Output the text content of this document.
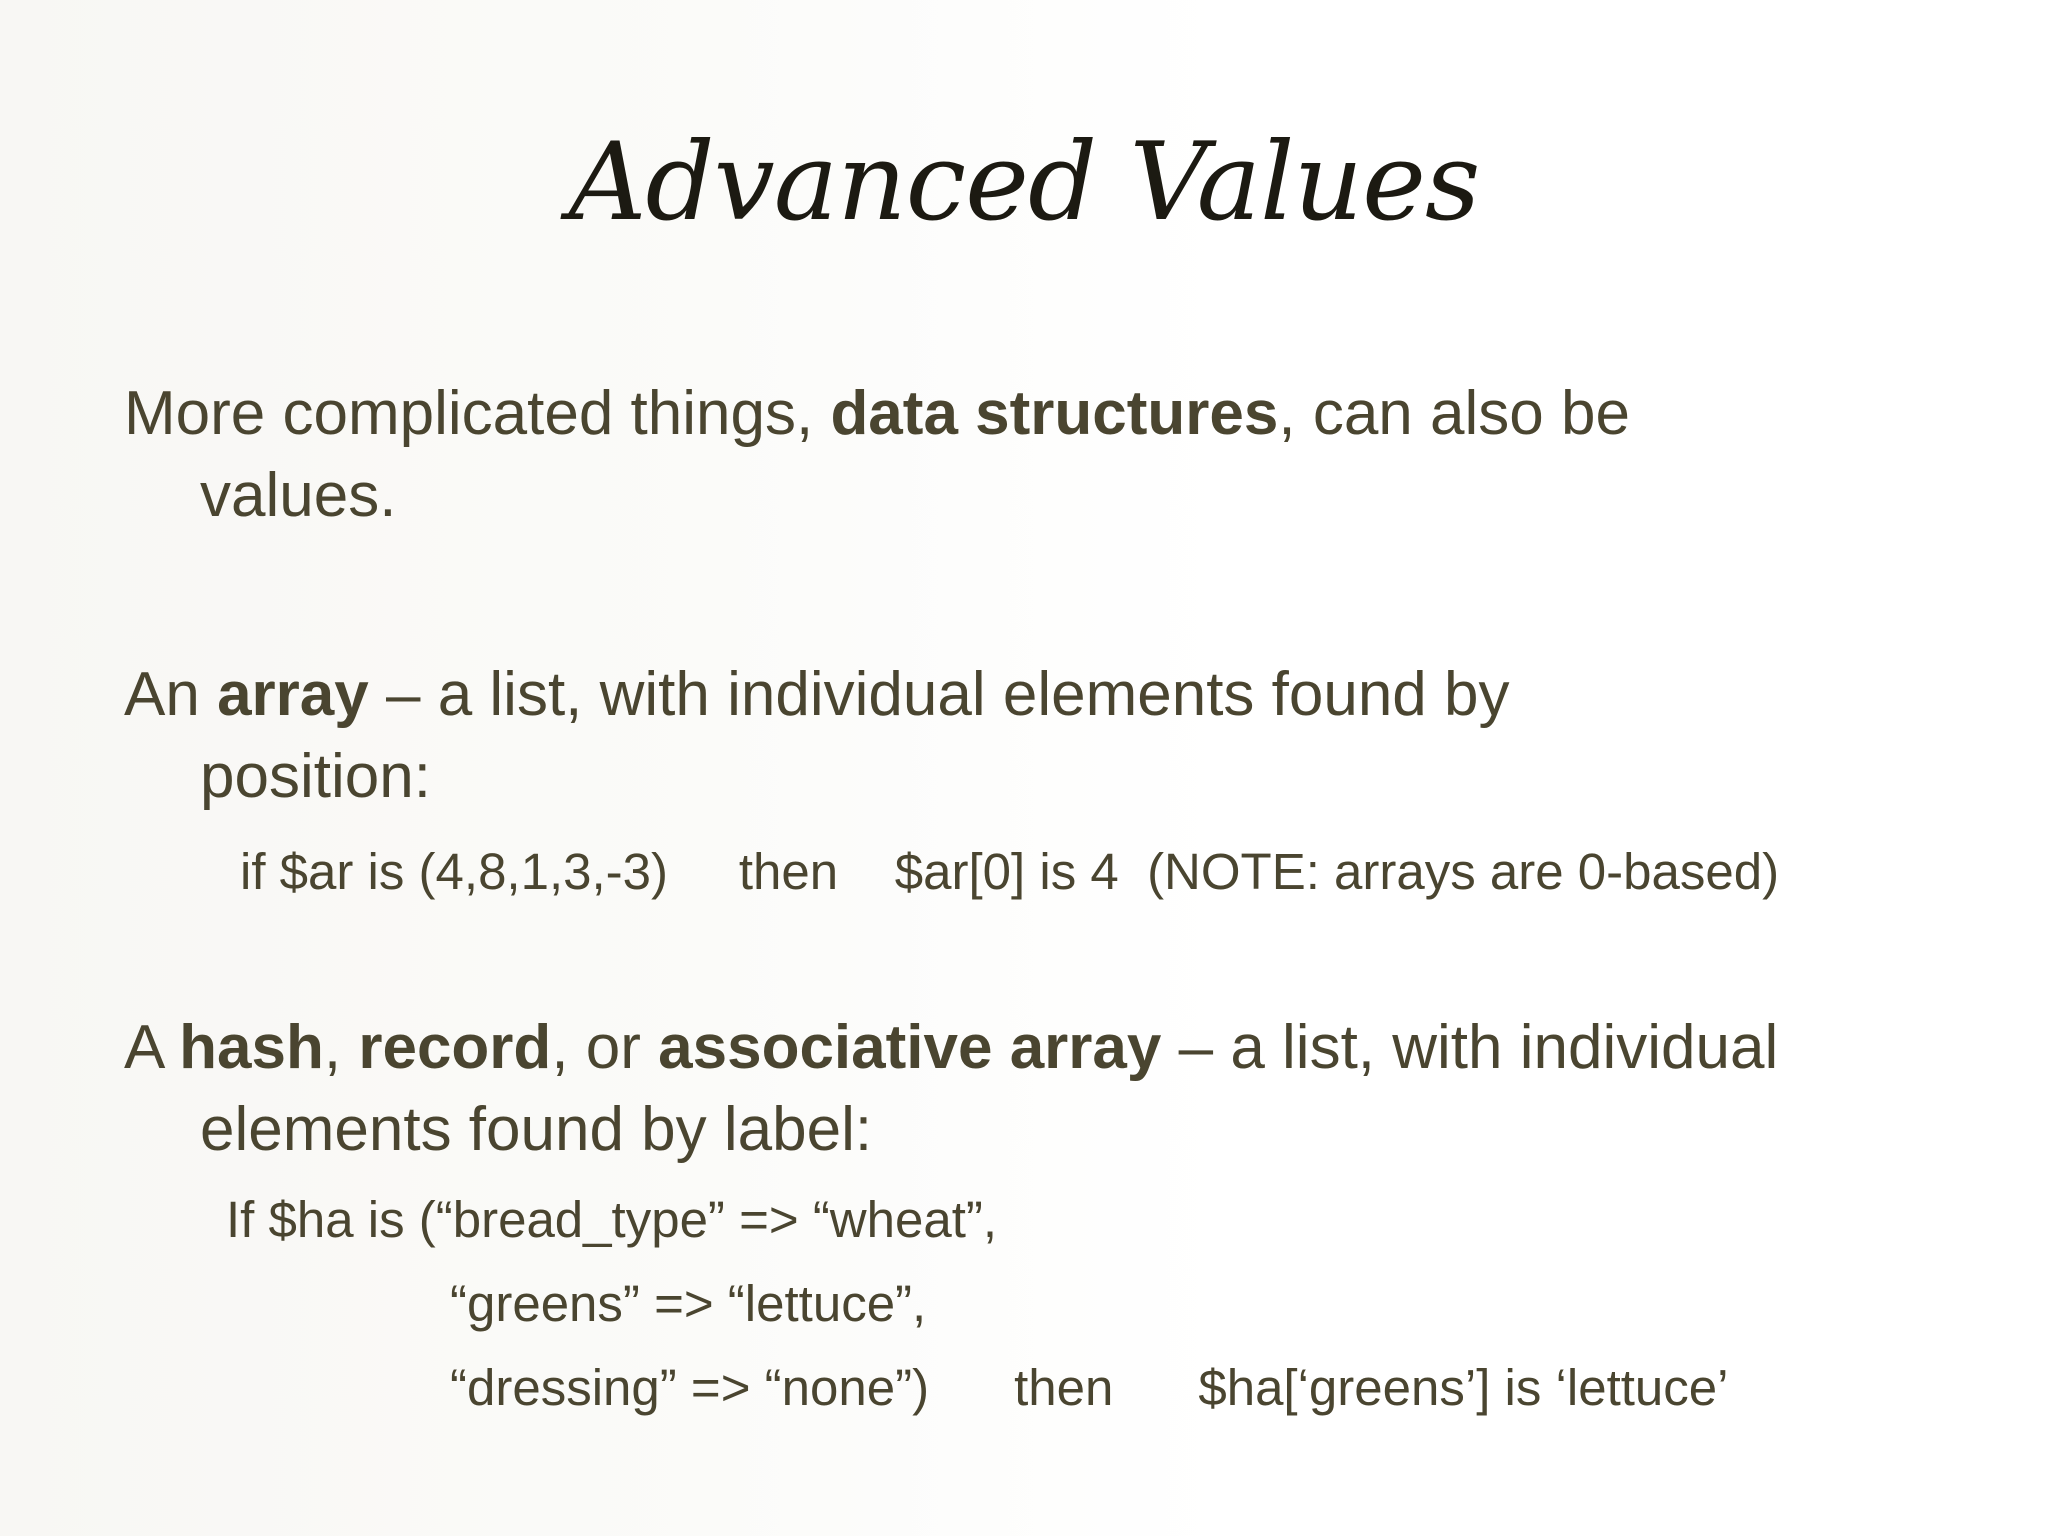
Advanced Values
More complicated things, data structures, can also be
values.
An array – a list, with individual elements found by
position:
if $ar is (4,8,1,3,-3)     then    $ar[0] is 4  (NOTE: arrays are 0-based)
A hash, record, or associative array – a list, with individual
elements found by label:
If $ha is (“bread_type” => “wheat”,
“greens” => “lettuce”,
“dressing” => “none”)      then      $ha[‘greens’] is ‘lettuce’
